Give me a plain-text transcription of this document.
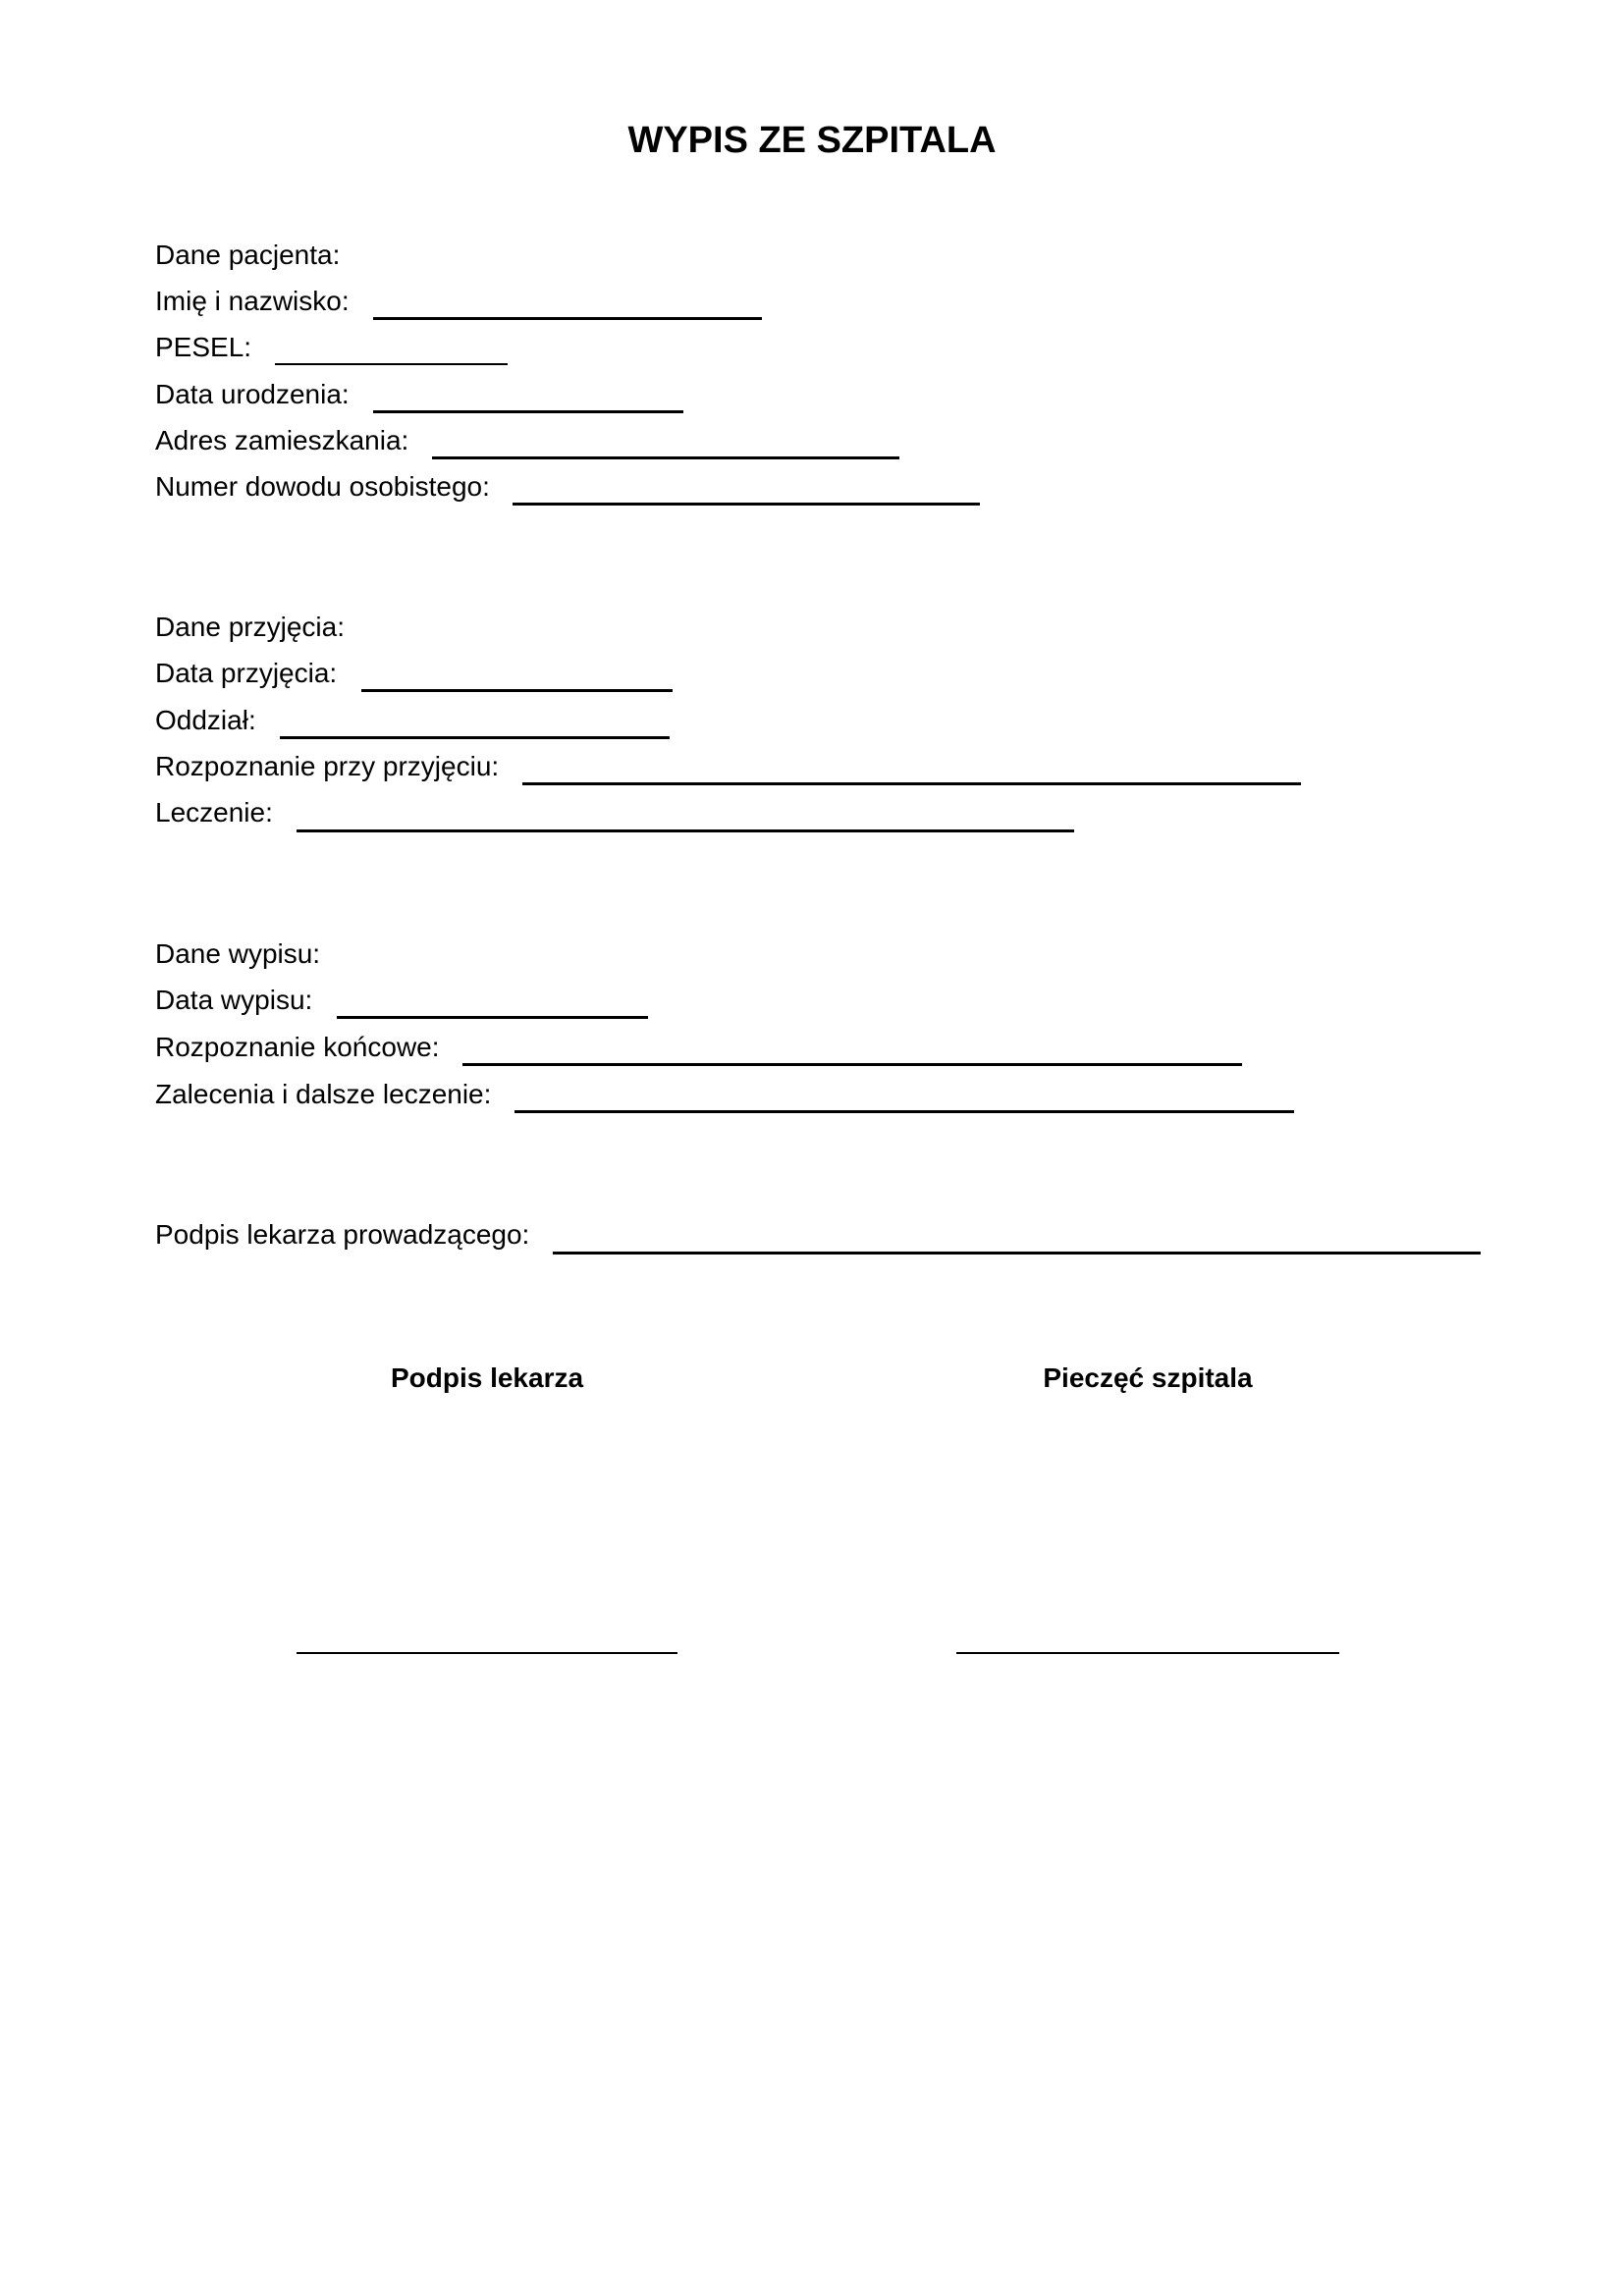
WYPIS ZE SZPITALA
Dane pacjenta:
Imię i nazwisko:
PESEL:
Data urodzenia:
Adres zamieszkania:
Numer dowodu osobistego:
Dane przyjęcia:
Data przyjęcia:
Oddział:
Rozpoznanie przy przyjęciu:
Leczenie:
Dane wypisu:
Data wypisu:
Rozpoznanie końcowe:
Zalecenia i dalsze leczenie:
Podpis lekarza prowadzącego:
Podpis lekarza	Pieczęć szpitala
